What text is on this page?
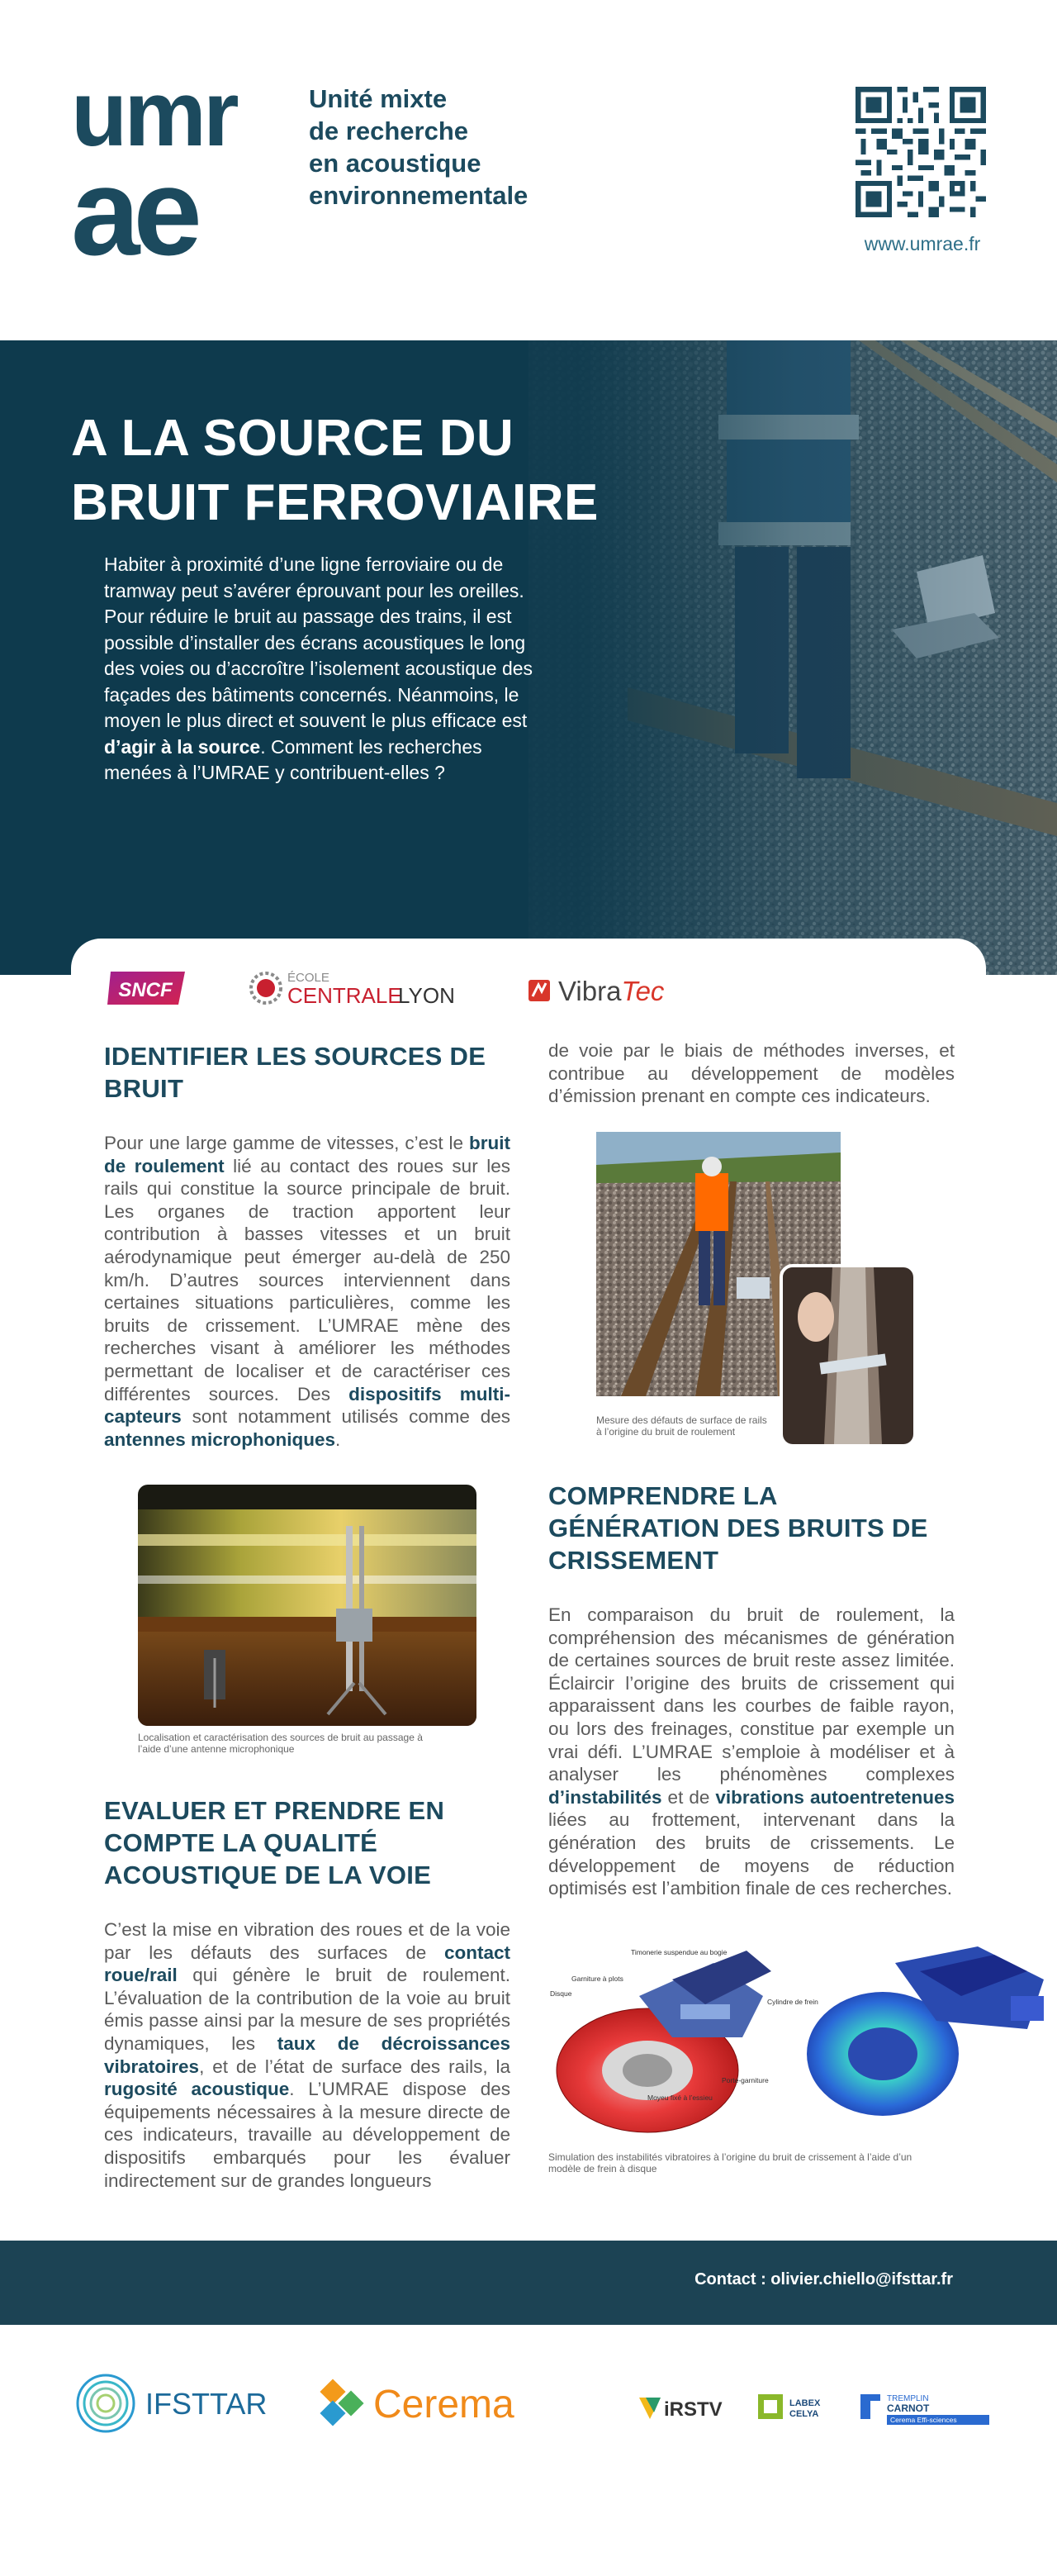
umr
ae
Unité mixte
de recherche
en acoustique
environnementale
www.umrae.fr
A LA SOURCE DU
BRUIT FERROVIAIRE

Habiter à proximité d’une ligne ferroviaire ou de tramway peut s’avérer éprouvant pour les oreilles. Pour réduire le bruit au passage des trains, il est possible d’installer des écrans acoustiques le long des voies ou d’accroître l’isolement acoustique des façades des bâtiments concernés. Néanmoins, le moyen le plus direct et souvent le plus efficace est d’agir à la source. Comment les recherches menées à l’UMRAE y contribuent-elles ?

SNCF
ÉCOLE
CENTRALE
LYON	VibraTec
IDENTIFIER LES SOURCES DE BRUIT

Pour une large gamme de vitesses, c’est le bruit de roulement lié au contact des roues sur les rails qui constitue la source principale de bruit. Les organes de traction apportent leur contribution à basses vitesses et un bruit aérodynamique peut émerger au-delà de 250 km/h. D’autres sources interviennent dans certaines situations particulières, comme les bruits de crissement. L’UMRAE mène des recherches visant à améliorer les méthodes permettant de localiser et de caractériser ces différentes sources. Des dispositifs multi-capteurs sont notamment utilisés comme des antennes microphoniques.

Localisation et caractérisation des sources de bruit au passage à l’aide d’une antenne microphonique
EVALUER ET PRENDRE EN COMPTE LA QUALITÉ ACOUSTIQUE DE LA VOIE

C’est la mise en vibration des roues et de la voie par les défauts des surfaces de contact roue/rail qui génère le bruit de roulement. L’évaluation de la contribution de la voie au bruit émis passe ainsi par la mesure de ses propriétés dynamiques, les taux de décroissances vibratoires, et de l’état de surface des rails, la rugosité acoustique. L’UMRAE dispose des équipements nécessaires à la mesure directe de ces indicateurs, travaille au développement de dispositifs embarqués pour les évaluer indirectement sur de grandes longueurs

de voie par le biais de méthodes inverses, et contribue au développement de modèles d’émission prenant en compte ces indicateurs.

Mesure des défauts de surface de rails à l’origine du bruit de roulement
COMPRENDRE LA GÉNÉRATION DES BRUITS DE CRISSEMENT

En comparaison du bruit de roulement, la compréhension des mécanismes de génération de certaines sources de bruit reste assez limitée. Éclaircir l’origine des bruits de crissement qui apparaissent dans les courbes de faible rayon, ou lors des freinages, constitue par exemple un vrai défi. L’UMRAE s’emploie à modéliser et à analyser les phénomènes complexes d’instabilités et de vibrations autoentretenues liées au frottement, intervenant dans la génération des bruits de crissements. Le développement de moyens de réduction optimisés est l’ambition finale de ces recherches.

Timonerie suspendue au bogie
Garniture à plots
Disque
Cylindre de frein
Porte-garniture
Moyeu fixé à l’essieu
Simulation des instabilités vibratoires à l’origine du bruit de crissement à l’aide d’un modèle de frein à disque
Contact : olivier.chiello@ifsttar.fr
IFSTTAR	Cerema	iRSTV	LABEX
CELYA
TREMPLIN
CARNOT
Cerema Effi-sciences
